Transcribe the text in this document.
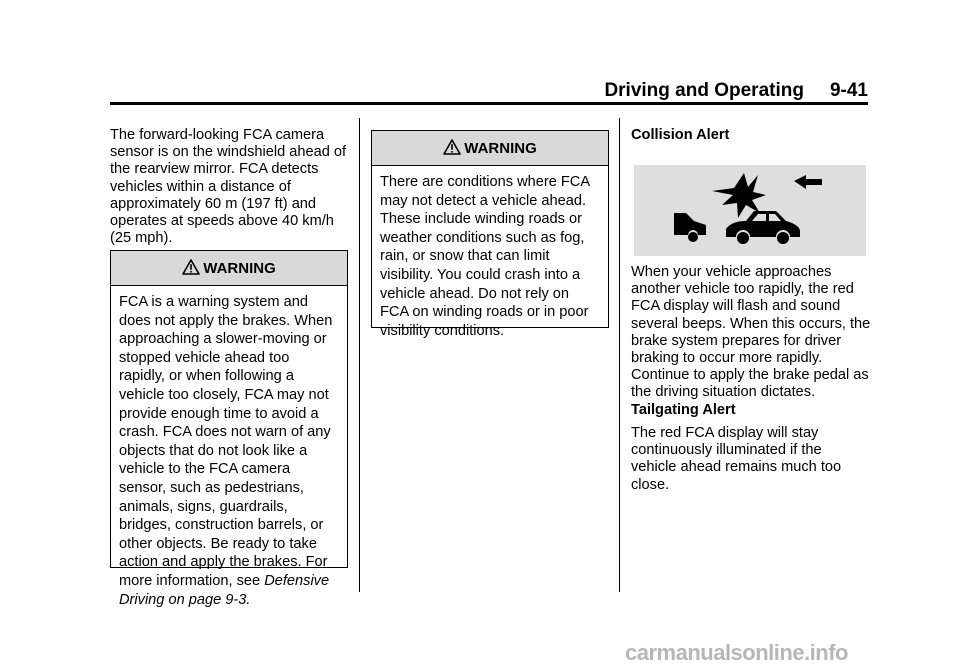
Driving and Operating 9-41
The forward-looking FCA camera sensor is on the windshield ahead of the rearview mirror. FCA detects vehicles within a distance of approximately 60 m (197 ft) and operates at speeds above 40 km/h (25 mph).
WARNING

FCA is a warning system and does not apply the brakes. When approaching a slower-moving or stopped vehicle ahead too rapidly, or when following a vehicle too closely, FCA may not provide enough time to avoid a crash. FCA does not warn of any objects that do not look like a vehicle to the FCA camera sensor, such as pedestrians, animals, signs, guardrails, bridges, construction barrels, or other objects. Be ready to take action and apply the brakes. For more information, see Defensive Driving on page 9-3.

WARNING

There are conditions where FCA may not detect a vehicle ahead. These include winding roads or weather conditions such as fog, rain, or snow that can limit visibility. You could crash into a vehicle ahead. Do not rely on FCA on winding roads or in poor visibility conditions.

Collision Alert
When your vehicle approaches another vehicle too rapidly, the red FCA display will flash and sound several beeps. When this occurs, the brake system prepares for driver braking to occur more rapidly. Continue to apply the brake pedal as the driving situation dictates.
Tailgating Alert
The red FCA display will stay continuously illuminated if the vehicle ahead remains much too close.
carmanualsonline.info
